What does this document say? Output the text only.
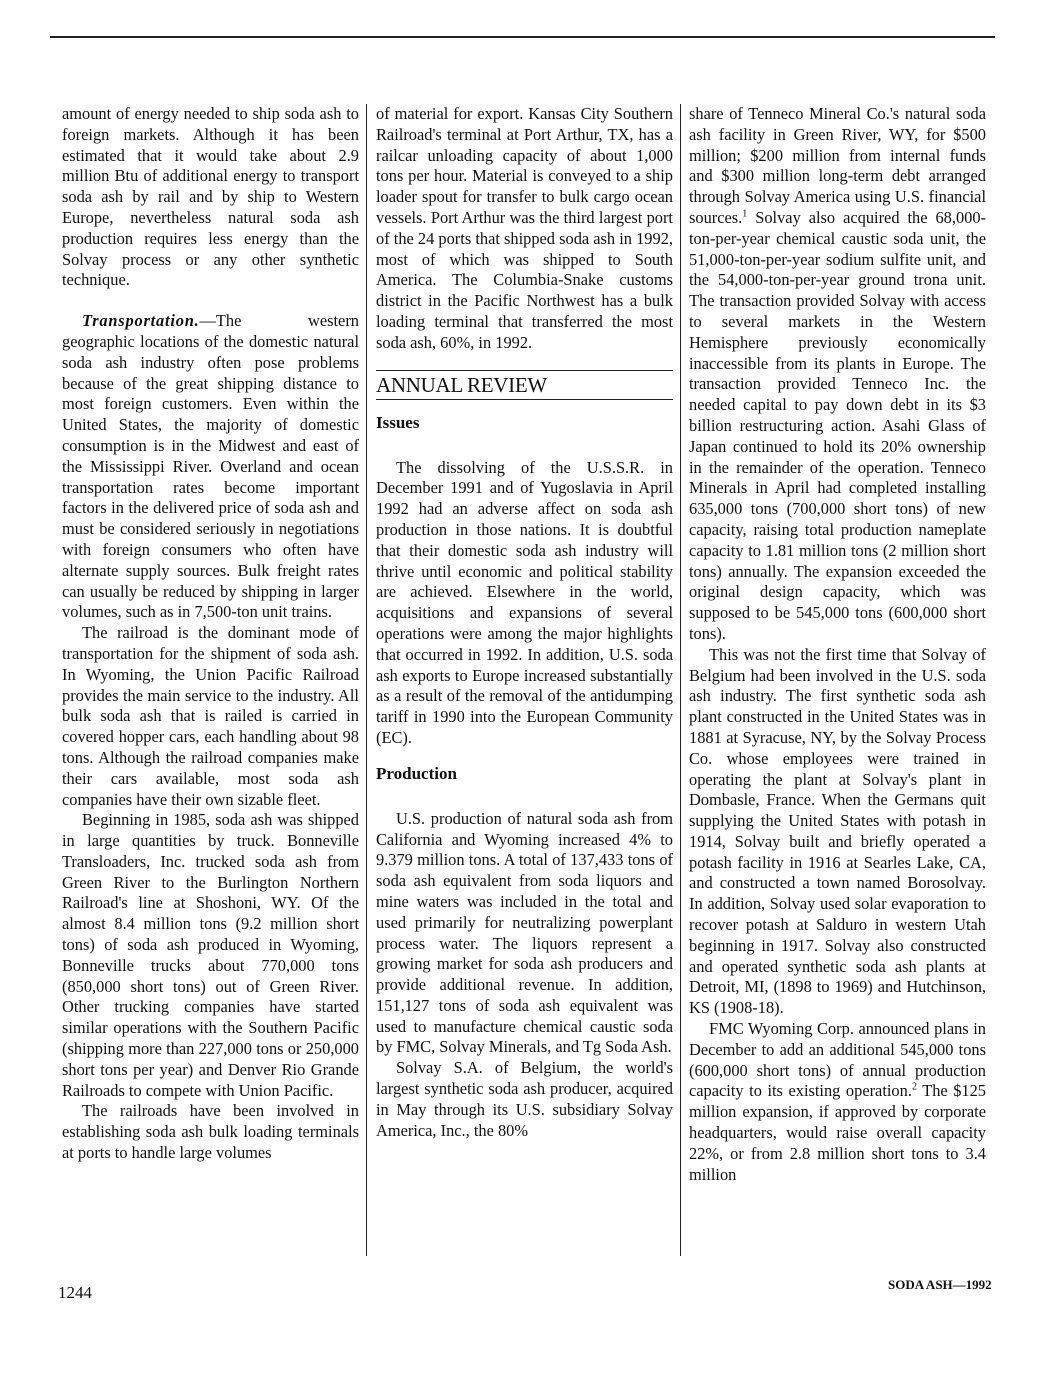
amount of energy needed to ship soda ash to foreign markets. Although it has been estimated that it would take about 2.9 million Btu of additional energy to transport soda ash by rail and by ship to Western Europe, nevertheless natural soda ash production requires less energy than the Solvay process or any other synthetic technique.

Transportation.—The western geographic locations of the domestic natural soda ash industry often pose problems because of the great shipping distance to most foreign customers. Even within the United States, the majority of domestic consumption is in the Midwest and east of the Mississippi River. Overland and ocean transportation rates become important factors in the delivered price of soda ash and must be considered seriously in negotiations with foreign consumers who often have alternate supply sources. Bulk freight rates can usually be reduced by shipping in larger volumes, such as in 7,500-ton unit trains.

The railroad is the dominant mode of transportation for the shipment of soda ash. In Wyoming, the Union Pacific Railroad provides the main service to the industry. All bulk soda ash that is railed is carried in covered hopper cars, each handling about 98 tons. Although the railroad companies make their cars available, most soda ash companies have their own sizable fleet.

Beginning in 1985, soda ash was shipped in large quantities by truck. Bonneville Transloaders, Inc. trucked soda ash from Green River to the Burlington Northern Railroad's line at Shoshoni, WY. Of the almost 8.4 million tons (9.2 million short tons) of soda ash produced in Wyoming, Bonneville trucks about 770,000 tons (850,000 short tons) out of Green River. Other trucking companies have started similar operations with the Southern Pacific (shipping more than 227,000 tons or 250,000 short tons per year) and Denver Rio Grande Railroads to compete with Union Pacific.

The railroads have been involved in establishing soda ash bulk loading terminals at ports to handle large volumes

of material for export. Kansas City Southern Railroad's terminal at Port Arthur, TX, has a railcar unloading capacity of about 1,000 tons per hour. Material is conveyed to a ship loader spout for transfer to bulk cargo ocean vessels. Port Arthur was the third largest port of the 24 ports that shipped soda ash in 1992, most of which was shipped to South America. The Columbia-Snake customs district in the Pacific Northwest has a bulk loading terminal that transferred the most soda ash, 60%, in 1992.

ANNUAL REVIEW
Issues

The dissolving of the U.S.S.R. in December 1991 and of Yugoslavia in April 1992 had an adverse affect on soda ash production in those nations. It is doubtful that their domestic soda ash industry will thrive until economic and political stability are achieved. Elsewhere in the world, acquisitions and expansions of several operations were among the major highlights that occurred in 1992. In addition, U.S. soda ash exports to Europe increased substantially as a result of the removal of the antidumping tariff in 1990 into the European Community (EC).

Production

U.S. production of natural soda ash from California and Wyoming increased 4% to 9.379 million tons. A total of 137,433 tons of soda ash equivalent from soda liquors and mine waters was included in the total and used primarily for neutralizing powerplant process water. The liquors represent a growing market for soda ash producers and provide additional revenue. In addition, 151,127 tons of soda ash equivalent was used to manufacture chemical caustic soda by FMC, Solvay Minerals, and Tg Soda Ash.

Solvay S.A. of Belgium, the world's largest synthetic soda ash producer, acquired in May through its U.S. subsidiary Solvay America, Inc., the 80%

share of Tenneco Mineral Co.'s natural soda ash facility in Green River, WY, for $500 million; $200 million from internal funds and $300 million long-term debt arranged through Solvay America using U.S. financial sources.$^1$ Solvay also acquired the 68,000-ton-per-year chemical caustic soda unit, the 51,000-ton-per-year sodium sulfite unit, and the 54,000-ton-per-year ground trona unit. The transaction provided Solvay with access to several markets in the Western Hemisphere previously economically inaccessible from its plants in Europe. The transaction provided Tenneco Inc. the needed capital to pay down debt in its $3 billion restructuring action. Asahi Glass of Japan continued to hold its 20% ownership in the remainder of the operation. Tenneco Minerals in April had completed installing 635,000 tons (700,000 short tons) of new capacity, raising total production nameplate capacity to 1.81 million tons (2 million short tons) annually. The expansion exceeded the original design capacity, which was supposed to be 545,000 tons (600,000 short tons).

This was not the first time that Solvay of Belgium had been involved in the U.S. soda ash industry. The first synthetic soda ash plant constructed in the United States was in 1881 at Syracuse, NY, by the Solvay Process Co. whose employees were trained in operating the plant at Solvay's plant in Dombasle, France. When the Germans quit supplying the United States with potash in 1914, Solvay built and briefly operated a potash facility in 1916 at Searles Lake, CA, and constructed a town named Borosolvay. In addition, Solvay used solar evaporation to recover potash at Salduro in western Utah beginning in 1917. Solvay also constructed and operated synthetic soda ash plants at Detroit, MI, (1898 to 1969) and Hutchinson, KS (1908-18).

FMC Wyoming Corp. announced plans in December to add an additional 545,000 tons (600,000 short tons) of annual production capacity to its existing operation.$^2$ The $125 million expansion, if approved by corporate headquarters, would raise overall capacity 22%, or from 2.8 million short tons to 3.4 million

1244	SODA ASH—1992
